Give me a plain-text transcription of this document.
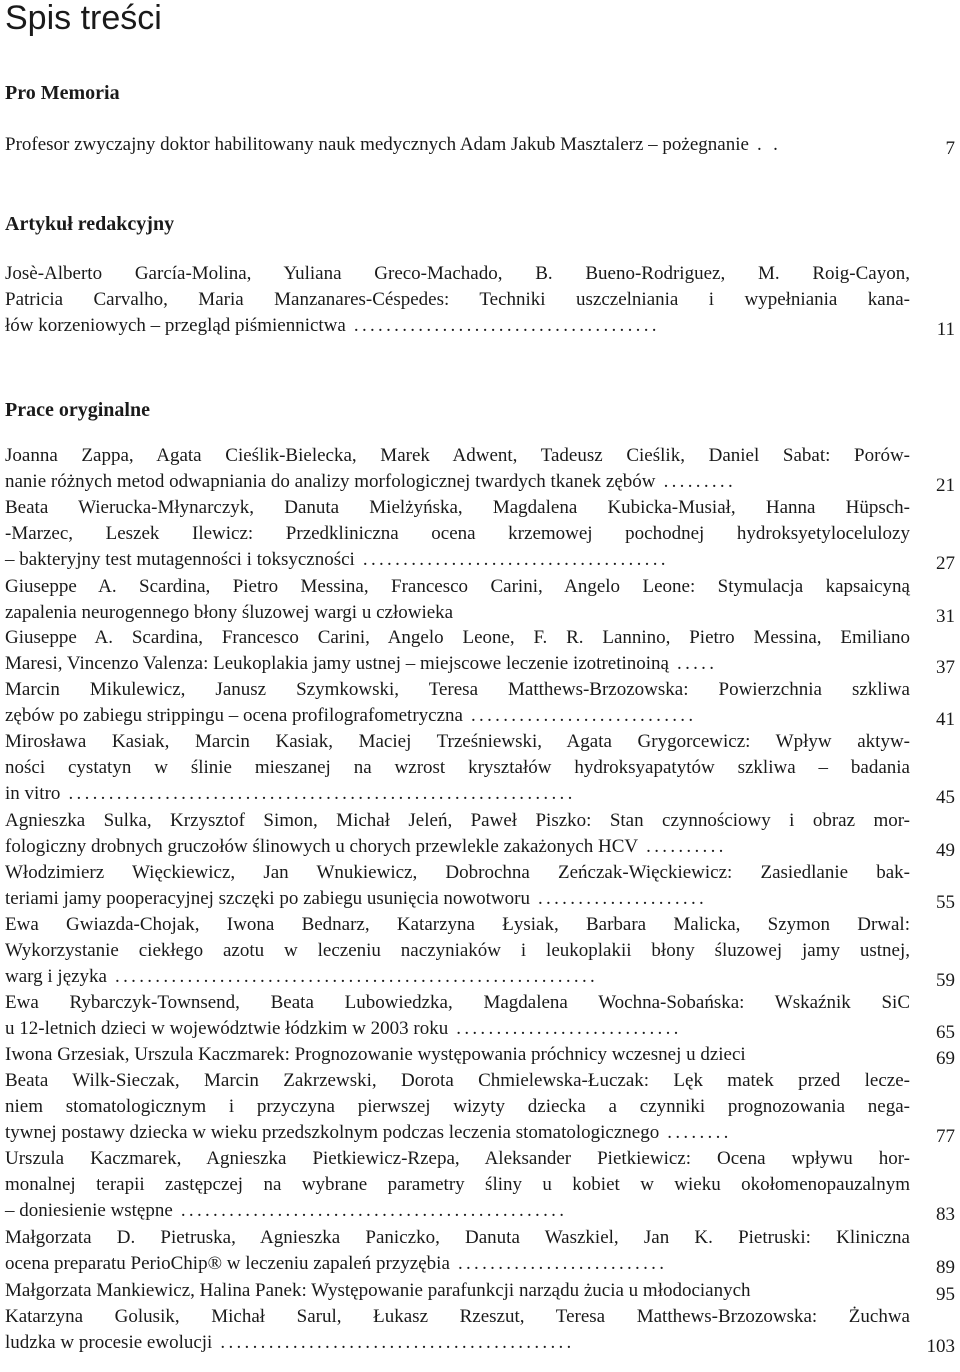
Spis treści
Pro Memoria
Artykuł redakcyjny
Prace oryginalne
Profesor zwyczajny doktor habilitowany nauk medycznych Adam Jakub Masztalerz – pożegnanie . .	7
Josè-Alberto García-Molina, Yuliana Greco-Machado, B. Bueno-Rodriguez, M. Roig-Cayon,
Patricia Carvalho, Maria Manzanares-Céspedes: Techniki uszczelniania i wypełniania kana-
łów korzeniowych – przegląd piśmiennictwa ......................................	11
Joanna Zappa, Agata Cieślik-Bielecka, Marek Adwent, Tadeusz Cieślik, Daniel Sabat: Porów-
nanie różnych metod odwapniania do analizy morfologicznej twardych tkanek zębów .........	21
Beata Wierucka-Młynarczyk, Danuta Mielżyńska, Magdalena Kubicka-Musiał, Hanna Hüpsch-
-Marzec, Leszek Ilewicz: Przedkliniczna ocena krzemowej pochodnej hydroksyetylocelulozy
– bakteryjny test mutagenności i toksyczności ......................................	27
Giuseppe A. Scardina, Pietro Messina, Francesco Carini, Angelo Leone: Stymulacja kapsaicyną
zapalenia neurogennego błony śluzowej wargi u człowieka	31
Giuseppe A. Scardina, Francesco Carini, Angelo Leone, F. R. Lannino, Pietro Messina, Emiliano
Maresi, Vincenzo Valenza: Leukoplakia jamy ustnej – miejscowe leczenie izotretinoiną .....	37
Marcin Mikulewicz, Janusz Szymkowski, Teresa Matthews-Brzozowska: Powierzchnia szkliwa
zębów po zabiegu strippingu – ocena profilografometryczna ............................	41
Mirosława Kasiak, Marcin Kasiak, Maciej Trześniewski, Agata Grygorcewicz: Wpływ aktyw-
ności cystatyn w ślinie mieszanej na wzrost kryształów hydroksyapatytów szkliwa – badania
in vitro ...............................................................	45
Agnieszka Sulka, Krzysztof Simon, Michał Jeleń, Paweł Piszko: Stan czynnościowy i obraz mor-
fologiczny drobnych gruczołów ślinowych u chorych przewlekle zakażonych HCV ..........	49
Włodzimierz Więckiewicz, Jan Wnukiewicz, Dobrochna Zeńczak-Więckiewicz: Zasiedlanie bak-
teriami jamy pooperacyjnej szczęki po zabiegu usunięcia nowotworu .....................	55
Ewa Gwiazda-Chojak, Iwona Bednarz, Katarzyna Łysiak, Barbara Malicka, Szymon Drwal:
Wykorzystanie ciekłego azotu w leczeniu naczyniaków i leukoplakii błony śluzowej jamy ustnej,
warg i języka ............................................................	59
Ewa Rybarczyk-Townsend, Beata Lubowiedzka, Magdalena Wochna-Sobańska: Wskaźnik SiC
u 12-letnich dzieci w województwie łódzkim w 2003 roku ............................	65
Iwona Grzesiak, Urszula Kaczmarek: Prognozowanie występowania próchnicy wczesnej u dzieci	69
Beata Wilk-Sieczak, Marcin Zakrzewski, Dorota Chmielewska-Łuczak: Lęk matek przed lecze-
niem stomatologicznym i przyczyna pierwszej wizyty dziecka a czynniki prognozowania nega-
tywnej postawy dziecka w wieku przedszkolnym podczas leczenia stomatologicznego ........	77
Urszula Kaczmarek, Agnieszka Pietkiewicz-Rzepa, Aleksander Pietkiewicz: Ocena wpływu hor-
monalnej terapii zastępczej na wybrane parametry śliny u kobiet w wieku okołomenopauzalnym
– doniesienie wstępne ................................................	83
Małgorzata D. Pietruska, Agnieszka Paniczko, Danuta Waszkiel, Jan K. Pietruski: Kliniczna
ocena preparatu PerioChip® w leczeniu zapaleń przyzębia ..........................	89
Małgorzata Mankiewicz, Halina Panek: Występowanie parafunkcji narządu żucia u młodocianych	95
Katarzyna Golusik, Michał Sarul, Łukasz Rzeszut, Teresa Matthews-Brzozowska: Żuchwa
ludzka w procesie ewolucji ............................................	103
